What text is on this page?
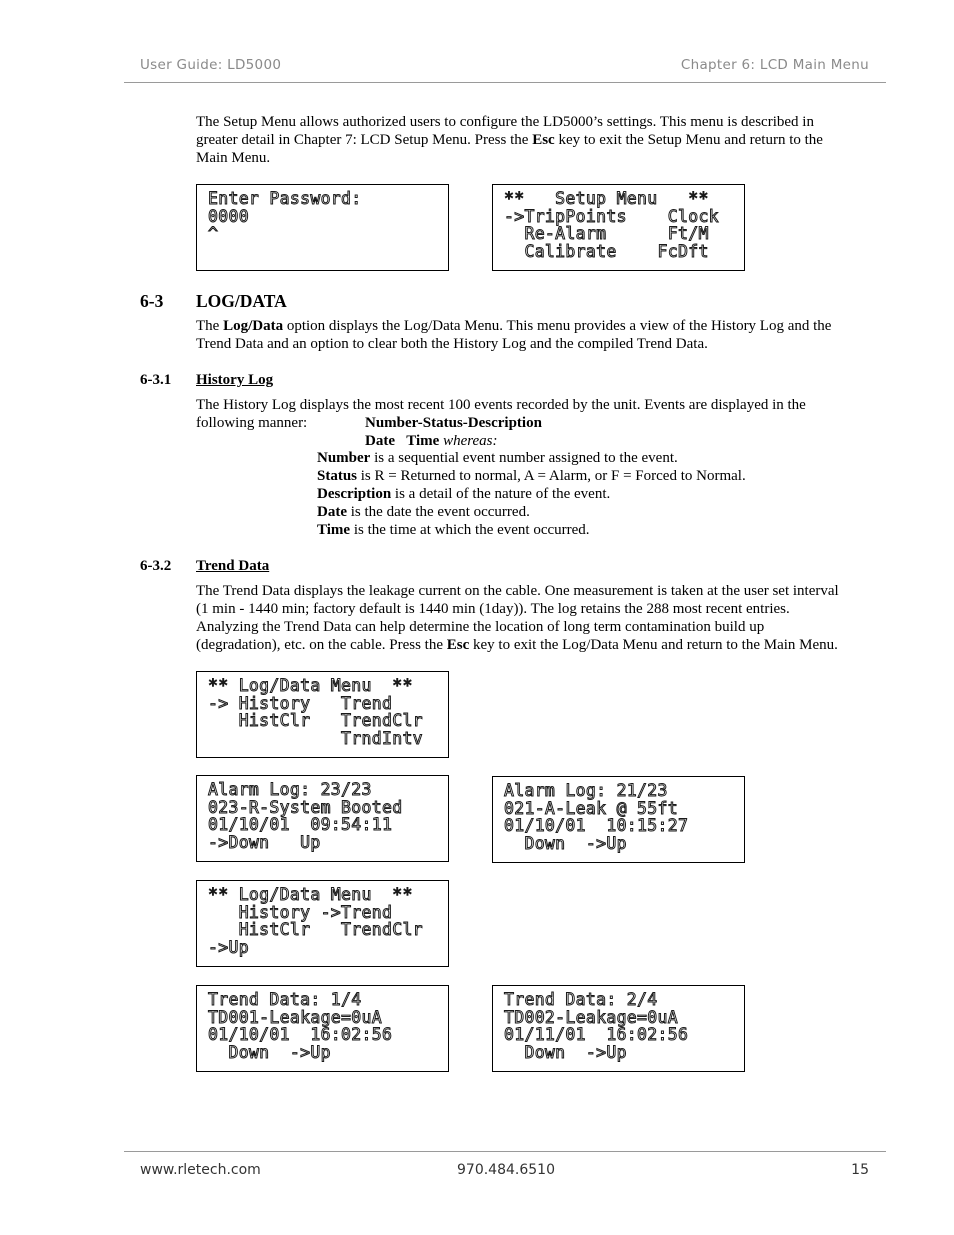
User Guide: LD5000	Chapter 6: LCD Main Menu
The Setup Menu allows authorized users to configure the LD5000’s settings. This menu is described in
greater detail in Chapter 7: LCD Setup Menu. Press the Esc key to exit the Setup Menu and return to the
Main Menu.
Enter Password:
0000
^
**   Setup Menu   **
->TripPoints    Clock
Re-Alarm      Ft/M
Calibrate    FcDft
6-3 LOG/DATA
The Log/Data option displays the Log/Data Menu. This menu provides a view of the History Log and the
Trend Data and an option to clear both the History Log and the compiled Trend Data.
6-3.1 History Log
The History Log displays the most recent 100 events recorded by the unit. Events are displayed in the
following manner:	Number-Status-Description
Date Time whereas:
Number is a sequential event number assigned to the event.
Status is R = Returned to normal, A = Alarm, or F = Forced to Normal.
Description is a detail of the nature of the event.
Date is the date the event occurred.
Time is the time at which the event occurred.
6-3.2 Trend Data
The Trend Data displays the leakage current on the cable. One measurement is taken at the user set interval
(1 min - 1440 min; factory default is 1440 min (1day)). The log retains the 288 most recent entries.
Analyzing the Trend Data can help determine the location of long term contamination build up
(degradation), etc. on the cable. Press the Esc key to exit the Log/Data Menu and return to the Main Menu.
** Log/Data Menu  **
-> History   Trend
HistClr   TrendClr
TrndIntv
Alarm Log: 23/23
023-R-System Booted
01/10/01  09:54:11
->Down   Up
Alarm Log: 21/23
021-A-Leak @ 55ft
01/10/01  10:15:27
Down  ->Up
** Log/Data Menu  **
History ->Trend
HistClr   TrendClr
->Up
Trend Data: 1/4
TD001-Leakage=0uA
01/10/01  16:02:56
Down  ->Up
Trend Data: 2/4
TD002-Leakage=0uA
01/11/01  16:02:56
Down  ->Up
www.rletech.com	970.484.6510	15
